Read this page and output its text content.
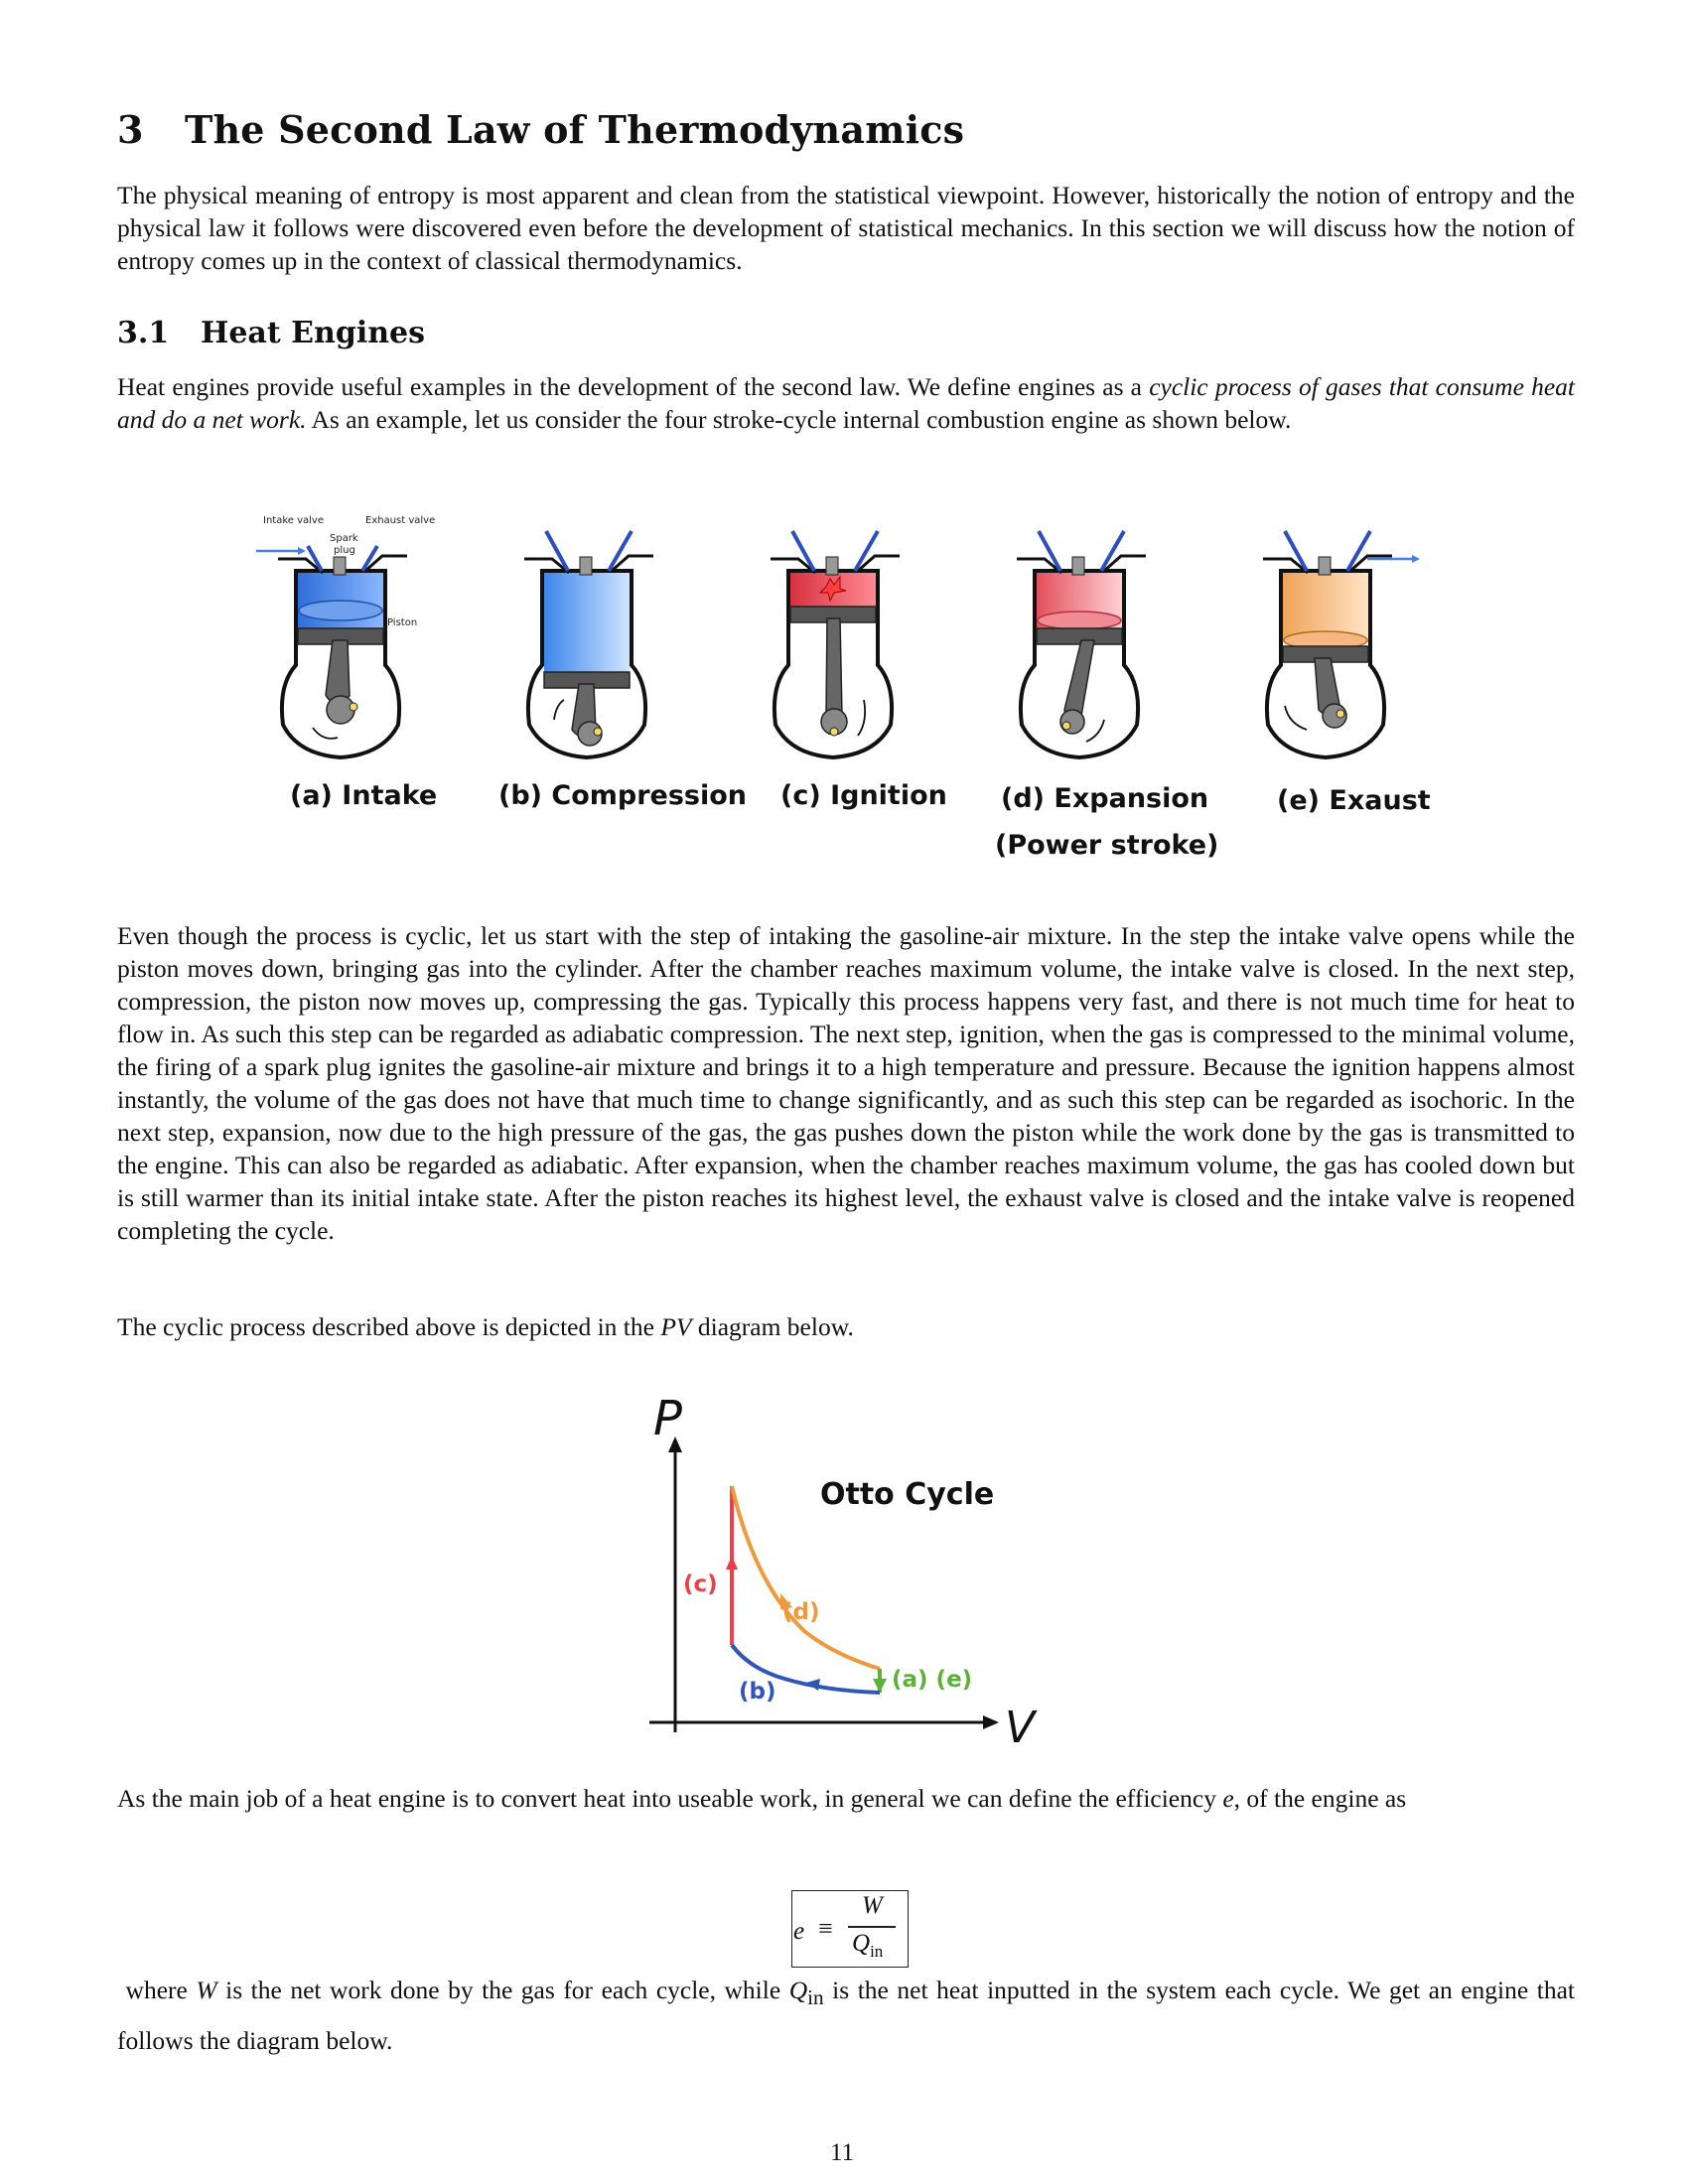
3 The Second Law of Thermodynamics

The physical meaning of entropy is most apparent and clean from the statistical viewpoint. However, historically the notion of entropy and the physical law it follows were discovered even before the development of statistical mechanics. In this section we will discuss how the notion of entropy comes up in the context of classical thermodynamics.

3.1 Heat Engines

Heat engines provide useful examples in the development of the second law. We define engines as a cyclic process of gases that consume heat and do a net work. As an example, let us consider the four stroke-cycle internal combustion engine as shown below.

Intake valve	Exhaust valve
Spark
plug
Piston
(a) Intake (b) Compression (c) Ignition (d) Expansion
(Power stroke)
(e) Exaust

Even though the process is cyclic, let us start with the step of intaking the gasoline-air mixture. In the step the intake valve opens while the piston moves down, bringing gas into the cylinder. After the chamber reaches maximum volume, the intake valve is closed. In the next step, compression, the piston now moves up, compressing the gas. Typically this process happens very fast, and there is not much time for heat to flow in. As such this step can be regarded as adiabatic compression. The next step, ignition, when the gas is compressed to the minimal volume, the firing of a spark plug ignites the gasoline-air mixture and brings it to a high temperature and pressure. Because the ignition happens almost instantly, the volume of the gas does not have that much time to change significantly, and as such this step can be regarded as isochoric. In the next step, expansion, now due to the high pressure of the gas, the gas pushes down the piston while the work done by the gas is transmitted to the engine. This can also be regarded as adiabatic. After expansion, when the chamber reaches maximum volume, the gas has cooled down but is still warmer than its initial intake state. After the piston reaches its highest level, the exhaust valve is closed and the intake valve is reopened completing the cycle.

The cyclic process described above is depicted in the PV diagram below.

P
V
Otto Cycle
(c)
(d)
(b)	(a) (e)

As the main job of a heat engine is to convert heat into useable work, in general we can define the efficiency e, of the engine as

e ≡
W
$Q_{in}$

where W is the net work done by the gas for each cycle, while $Q_{in}$ is the net heat inputted in the system each cycle. We get an engine that follows the diagram below.

11
